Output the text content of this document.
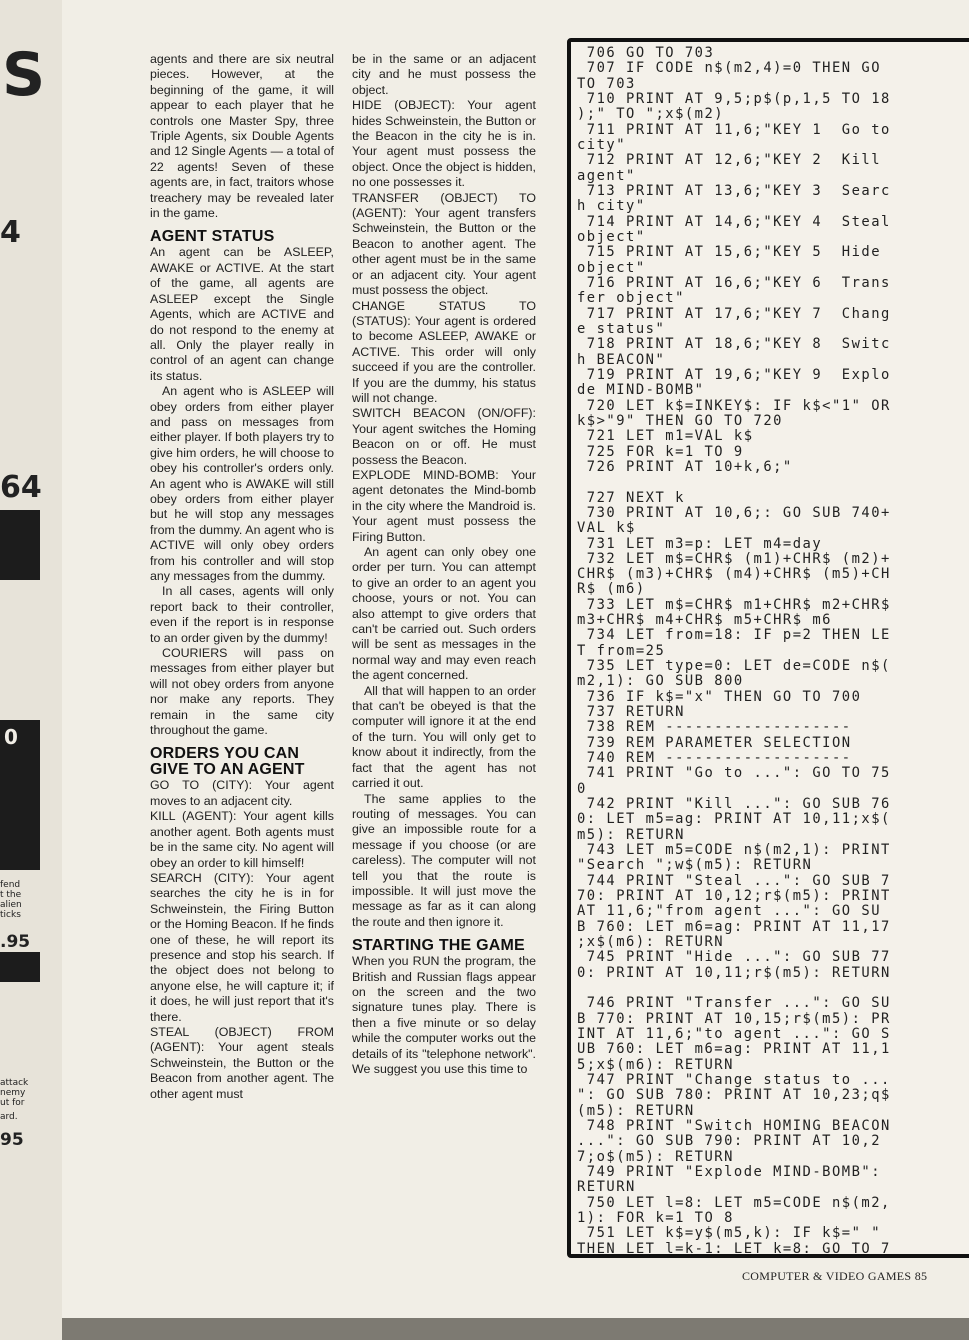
S
4
64
0
fend
t the
alien
ticks
.95
attack
nemy
ut for
ard.
95

agents and there are six neutral pieces. However, at the beginning of the game, it will appear to each player that he controls one Master Spy, three Triple Agents, six Double Agents and 12 Single Agents — a total of 22 agents! Seven of these agents are, in fact, traitors whose treachery may be revealed later in the game.

AGENT STATUS

An agent can be ASLEEP, AWAKE or ACTIVE. At the start of the game, all agents are ASLEEP except the Single Agents, which are ACTIVE and do not respond to the enemy at all. Only the player really in control of an agent can change its status.

An agent who is ASLEEP will obey orders from either player and pass on messages from either player. If both players try to give him orders, he will choose to obey his controller's orders only. An agent who is AWAKE will still obey orders from either player but he will stop any messages from the dummy. An agent who is ACTIVE will only obey orders from his controller and will stop any messages from the dummy.

In all cases, agents will only report back to their controller, even if the report is in response to an order given by the dummy!

COURIERS will pass on messages from either player but will not obey orders from anyone nor make any reports. They remain in the same city throughout the game.

ORDERS YOU CAN GIVE TO AN AGENT

GO TO (CITY): Your agent moves to an adjacent city.

KILL (AGENT): Your agent kills another agent. Both agents must be in the same city. No agent will obey an order to kill himself!

SEARCH (CITY): Your agent searches the city he is in for Schweinstein, the Firing Button or the Homing Beacon. If he finds one of these, he will report its presence and stop his search. If the object does not belong to anyone else, he will capture it; if it does, he will just report that it's there.

STEAL (OBJECT) FROM (AGENT): Your agent steals Schweinstein, the Button or the Beacon from another agent. The other agent must

be in the same or an adjacent city and he must possess the object.

HIDE (OBJECT): Your agent hides Schweinstein, the Button or the Beacon in the city he is in. Your agent must possess the object. Once the object is hidden, no one possesses it.

TRANSFER (OBJECT) TO (AGENT): Your agent transfers Schweinstein, the Button or the Beacon to another agent. The other agent must be in the same or an adjacent city. Your agent must possess the object.

CHANGE STATUS TO (STATUS): Your agent is ordered to become ASLEEP, AWAKE or ACTIVE. This order will only succeed if you are the controller. If you are the dummy, his status will not change.

SWITCH BEACON (ON/OFF): Your agent switches the Homing Beacon on or off. He must possess the Beacon.

EXPLODE MIND-BOMB: Your agent detonates the Mind-bomb in the city where the Mandroid is. Your agent must possess the Firing Button.

An agent can only obey one order per turn. You can attempt to give an order to an agent you choose, yours or not. You can also attempt to give orders that can't be carried out. Such orders will be sent as messages in the normal way and may even reach the agent concerned.

All that will happen to an order that can't be obeyed is that the computer will ignore it at the end of the turn. You will only get to know about it indirectly, from the fact that the agent has not carried it out.

The same applies to the routing of messages. You can give an impossible route for a message if you choose (or are careless). The computer will not tell you that the route is impossible. It will just move the message as far as it can along the route and then ignore it.

STARTING THE GAME

When you RUN the program, the British and Russian flags appear on the screen and the two signature tunes play. There is then a five minute or so delay while the computer works out the details of its "telephone network". We suggest you use this time to

706 GO TO 703
707 IF CODE n$(m2,4)=0 THEN GO
TO 703
710 PRINT AT 9,5;p$(p,1,5 TO 18
);" TO ";x$(m2)
711 PRINT AT 11,6;"KEY 1  Go to
city"
712 PRINT AT 12,6;"KEY 2  Kill
agent"
713 PRINT AT 13,6;"KEY 3  Searc
h city"
714 PRINT AT 14,6;"KEY 4  Steal
object"
715 PRINT AT 15,6;"KEY 5  Hide
object"
716 PRINT AT 16,6;"KEY 6  Trans
fer object"
717 PRINT AT 17,6;"KEY 7  Chang
e status"
718 PRINT AT 18,6;"KEY 8  Switc
h BEACON"
719 PRINT AT 19,6;"KEY 9  Explo
de MIND-BOMB"
720 LET k$=INKEY$: IF k$<"1" OR
k$>"9" THEN GO TO 720
721 LET m1=VAL k$
725 FOR k=1 TO 9
726 PRINT AT 10+k,6;"
727 NEXT k
730 PRINT AT 10,6;: GO SUB 740+
VAL k$
731 LET m3=p: LET m4=day
732 LET m$=CHR$ (m1)+CHR$ (m2)+
CHR$ (m3)+CHR$ (m4)+CHR$ (m5)+CH
R$ (m6)
733 LET m$=CHR$ m1+CHR$ m2+CHR$
m3+CHR$ m4+CHR$ m5+CHR$ m6
734 LET from=18: IF p=2 THEN LE
T from=25
735 LET type=0: LET de=CODE n$(
m2,1): GO SUB 800
736 IF k$="x" THEN GO TO 700
737 RETURN
738 REM -------------------
739 REM PARAMETER SELECTION
740 REM -------------------
741 PRINT "Go to ...": GO TO 75
0
742 PRINT "Kill ...": GO SUB 76
0: LET m5=ag: PRINT AT 10,11;x$(
m5): RETURN
743 LET m5=CODE n$(m2,1): PRINT
"Search ";w$(m5): RETURN
744 PRINT "Steal ...": GO SUB 7
70: PRINT AT 10,12;r$(m5): PRINT
AT 11,6;"from agent ...": GO SU
B 760: LET m6=ag: PRINT AT 11,17
;x$(m6): RETURN
745 PRINT "Hide ...": GO SUB 77
0: PRINT AT 10,11;r$(m5): RETURN
746 PRINT "Transfer ...": GO SU
B 770: PRINT AT 10,15;r$(m5): PR
INT AT 11,6;"to agent ...": GO S
UB 760: LET m6=ag: PRINT AT 11,1
5;x$(m6): RETURN
747 PRINT "Change status to ...
": GO SUB 780: PRINT AT 10,23;q$
(m5): RETURN
748 PRINT "Switch HOMING BEACON
...": GO SUB 790: PRINT AT 10,2
7;o$(m5): RETURN
749 PRINT "Explode MIND-BOMB":
RETURN
750 LET l=8: LET m5=CODE n$(m2,
1): FOR k=1 TO 8
751 LET k$=y$(m5,k): IF k$=" "
THEN LET l=k-1: LET k=8: GO TO 7
COMPUTER & VIDEO GAMES 85
